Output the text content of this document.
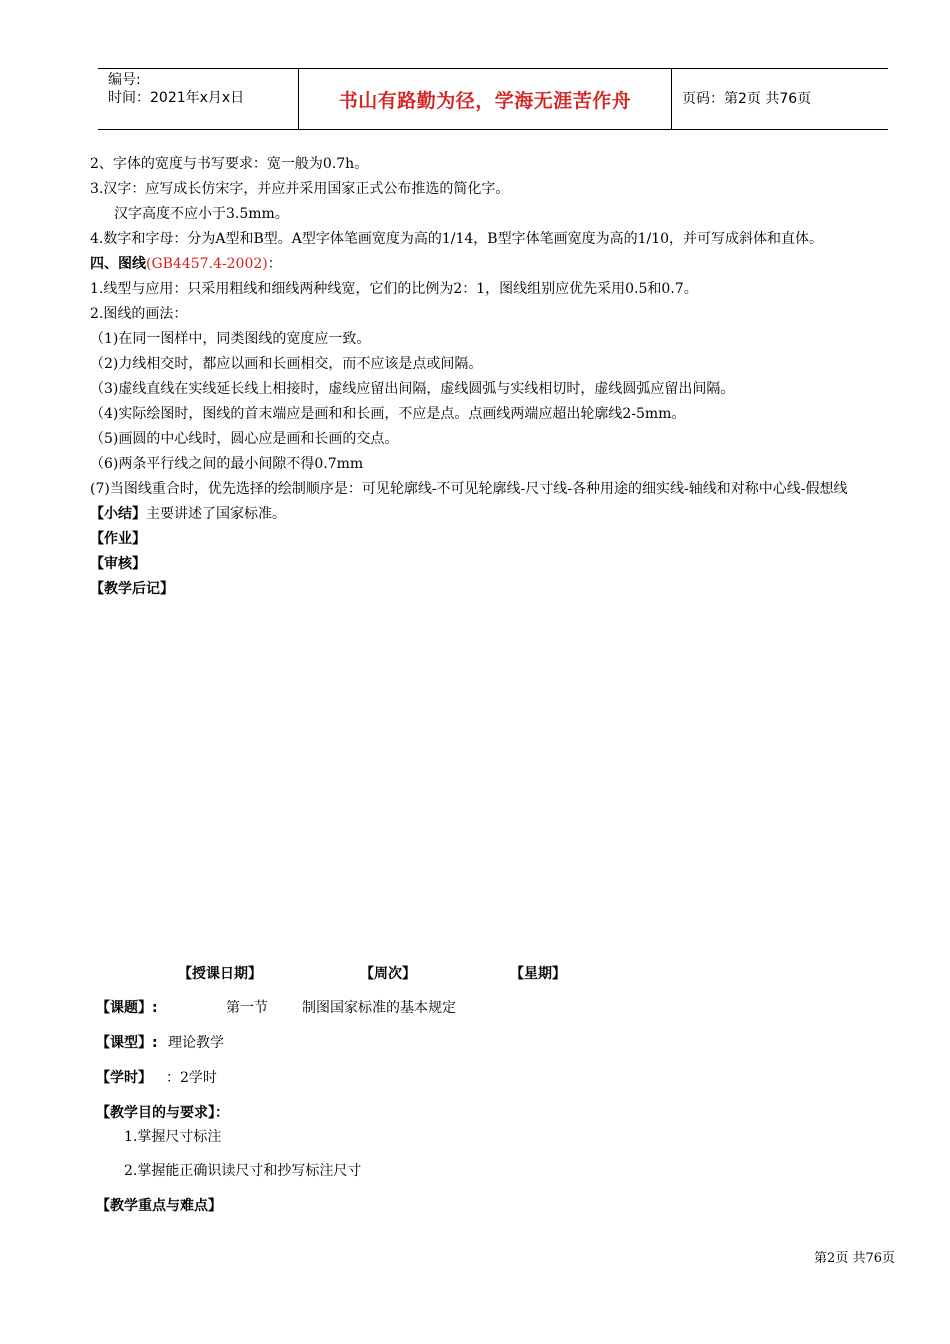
编号:
时间：2021年x月x日	书山有路勤为径，学海无涯苦作舟	页码：第2页 共76页

2、字体的宽度与书写要求：宽一般为0.7h。

3.汉字：应写成长仿宋字，并应并采用国家正式公布推选的简化字。

汉字高度不应小于3.5mm。

4.数字和字母：分为A型和B型。A型字体笔画宽度为高的1/14，B型字体笔画宽度为高的1/10，并可写成斜体和直体。

四、图线(GB4457.4-2002)：

1.线型与应用：只采用粗线和细线两种线宽，它们的比例为2：1，图线组别应优先采用0.5和0.7。

2.图线的画法：

（1)在同一图样中，同类图线的宽度应一致。

（2)力线相交时，都应以画和长画相交，而不应该是点或间隔。

（3)虚线直线在实线延长线上相接时，虚线应留出间隔，虚线圆弧与实线相切时，虚线圆弧应留出间隔。

（4)实际绘图时，图线的首末端应是画和和长画，不应是点。点画线两端应超出轮廓线2-5mm。

（5)画圆的中心线时，圆心应是画和长画的交点。

（6)两条平行线之间的最小间隙不得0.7mm

(7)当图线重合时，优先选择的绘制顺序是：可见轮廓线-不可见轮廓线-尺寸线-各种用途的细实线-轴线和对称中心线-假想线

【小结】主要讲述了国家标准。

【作业】

【审核】

【教学后记】

【授课日期】	【周次】	【星期】
【课题】:	第一节 制图国家标准的基本规定
【课型】: 理论教学
【学时】 ：2学时
【教学目的与要求】：
1.掌握尺寸标注
2.掌握能正确识读尺寸和抄写标注尺寸
【教学重点与难点】
第2页 共76页
